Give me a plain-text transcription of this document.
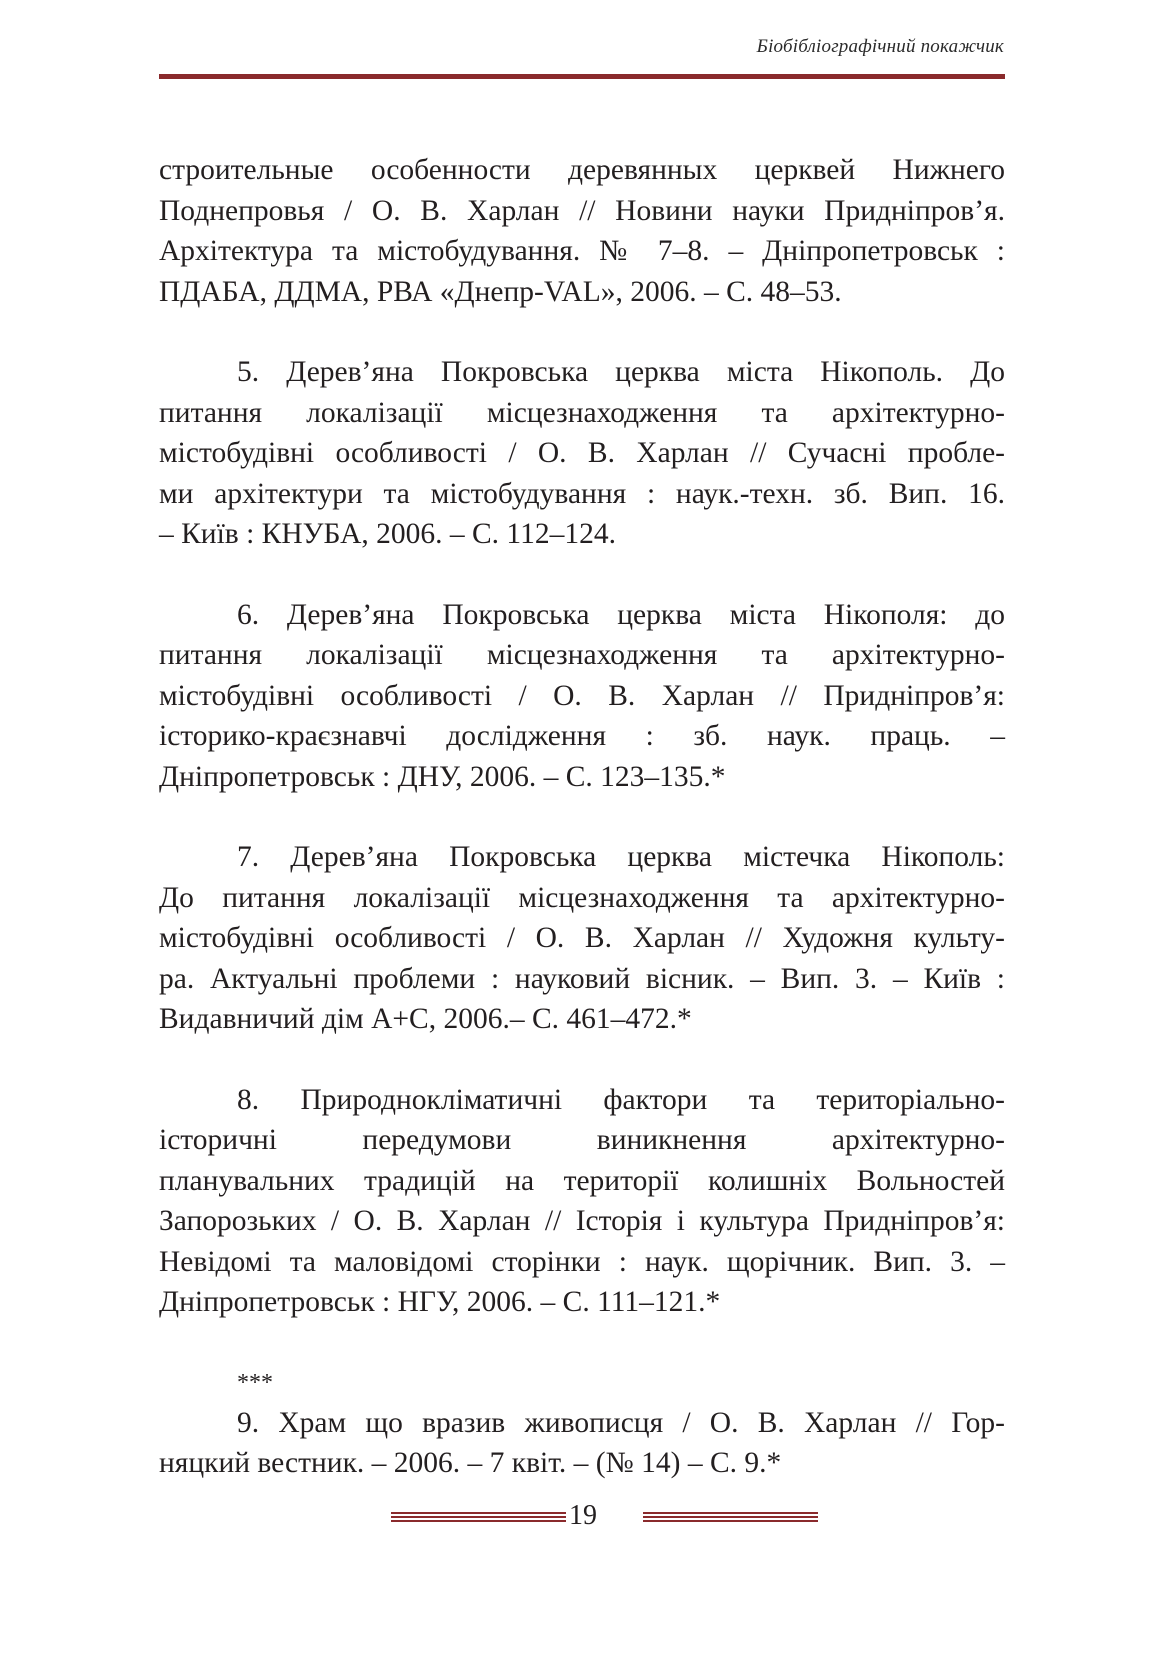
Біобібліографічний покажчик

строительные особенности деревянных церквей Нижнего
Поднепровья / О. В. Харлан // Новини науки Придніпров’я.
Архітектура та містобудування. № 7–8. – Дніпропетровськ :
ПДАБА, ДДМА, РВА «Днепр-VAL», 2006. – С. 48–53.

5. Дерев’яна Покровська церква міста Нікополь. До
питання локалізації місцезнаходження та архітектурно-
містобудівні особливості / О. В. Харлан // Сучасні пробле-
ми архітектури та містобудування : наук.-техн. зб. Вип. 16.
– Київ : КНУБА, 2006. – С. 112–124.

6. Дерев’яна Покровська церква міста Нікополя: до
питання локалізації місцезнаходження та архітектурно-
містобудівні особливості / О. В. Харлан // Придніпров’я:
історико-краєзнавчі дослідження : зб. наук. праць. –
Дніпропетровськ : ДНУ, 2006. – С. 123–135.*

7. Дерев’яна Покровська церква містечка Нікополь:
До питання локалізації місцезнаходження та архітектурно-
містобудівні особливості / О. В. Харлан // Художня культу-
ра. Актуальні проблеми : науковий вісник. – Вип. 3. – Київ :
Видавничий дім А+С, 2006.– С. 461–472.*

8. Природнокліматичні фактори та територіально-
історичні передумови виникнення архітектурно-
планувальних традицій на території колишніх Вольностей
Запорозьких / О. В. Харлан // Історія і культура Придніпров’я:
Невідомі та маловідомі сторінки : наук. щорічник. Вип. 3. –
Дніпропетровськ : НГУ, 2006. – С. 111–121.*

***

9. Храм що вразив живописця / О. В. Харлан // Гор-
няцкий вестник. – 2006. – 7 квіт. – (№ 14) – С. 9.*

19
